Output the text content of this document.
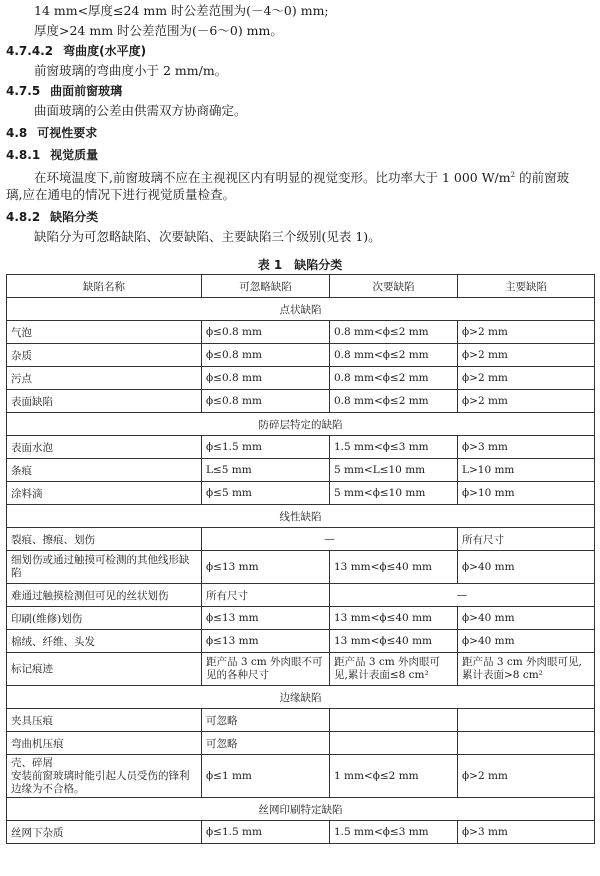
14 mm<厚度≤24 mm 时公差范围为(－4～0) mm;
厚度>24 mm 时公差范围为(－6～0) mm。
4.7.4.2 弯曲度(水平度)
前窗玻璃的弯曲度小于 2 mm/m。
4.7.5 曲面前窗玻璃
曲面玻璃的公差由供需双方协商确定。
4.8 可视性要求
4.8.1 视觉质量
在环境温度下,前窗玻璃不应在主视视区内有明显的视觉变形。比功率大于 1 000 $W/m^2$ 的前窗玻
璃,应在通电的情况下进行视觉质量检查。
4.8.2 缺陷分类
缺陷分为可忽略缺陷、次要缺陷、主要缺陷三个级别(见表 1)。
表 1 缺陷分类
缺陷名称	可忽略缺陷	次要缺陷	主要缺陷
点状缺陷			
气泡	ϕ≤0.8 mm	0.8 mm<ϕ≤2 mm	ϕ>2 mm
杂质	ϕ≤0.8 mm	0.8 mm<ϕ≤2 mm	ϕ>2 mm
污点	ϕ≤0.8 mm	0.8 mm<ϕ≤2 mm	ϕ>2 mm
表面缺陷	ϕ≤0.8 mm	0.8 mm<ϕ≤2 mm	ϕ>2 mm
防碎层特定的缺陷			
表面水泡	ϕ≤1.5 mm	1.5 mm<ϕ≤3 mm	ϕ>3 mm
条痕	L≤5 mm	5 mm<L≤10 mm	L>10 mm
涂料滴	ϕ≤5 mm	5 mm<ϕ≤10 mm	ϕ>10 mm
线性缺陷			
裂痕、擦痕、划伤	—		所有尺寸
细划伤或通过触摸可检测的其他线形缺陷	ϕ≤13 mm	13 mm<ϕ≤40 mm	ϕ>40 mm
难通过触摸检测但可见的丝状划伤	所有尺寸	—	
印刷(维修)划伤	ϕ≤13 mm	13 mm<ϕ≤40 mm	ϕ>40 mm
棉绒、纤维、头发	ϕ≤13 mm	13 mm<ϕ≤40 mm	ϕ>40 mm
标记痕迹	距产品 3 cm 外肉眼不可见的各种尺寸	距产品 3 cm 外肉眼可见,累计表面≤8 cm²	距产品 3 cm 外肉眼可见,累计表面>8 cm²
边缘缺陷			
夹具压痕	可忽略		
弯曲机压痕	可忽略		
壳、碎屑
安装前窗玻璃时能引起人员受伤的锋利边缘为不合格。	ϕ≤1 mm	1 mm<ϕ≤2 mm	ϕ>2 mm
丝网印刷特定缺陷			
丝网下杂质	ϕ≤1.5 mm	1.5 mm<ϕ≤3 mm	ϕ>3 mm
